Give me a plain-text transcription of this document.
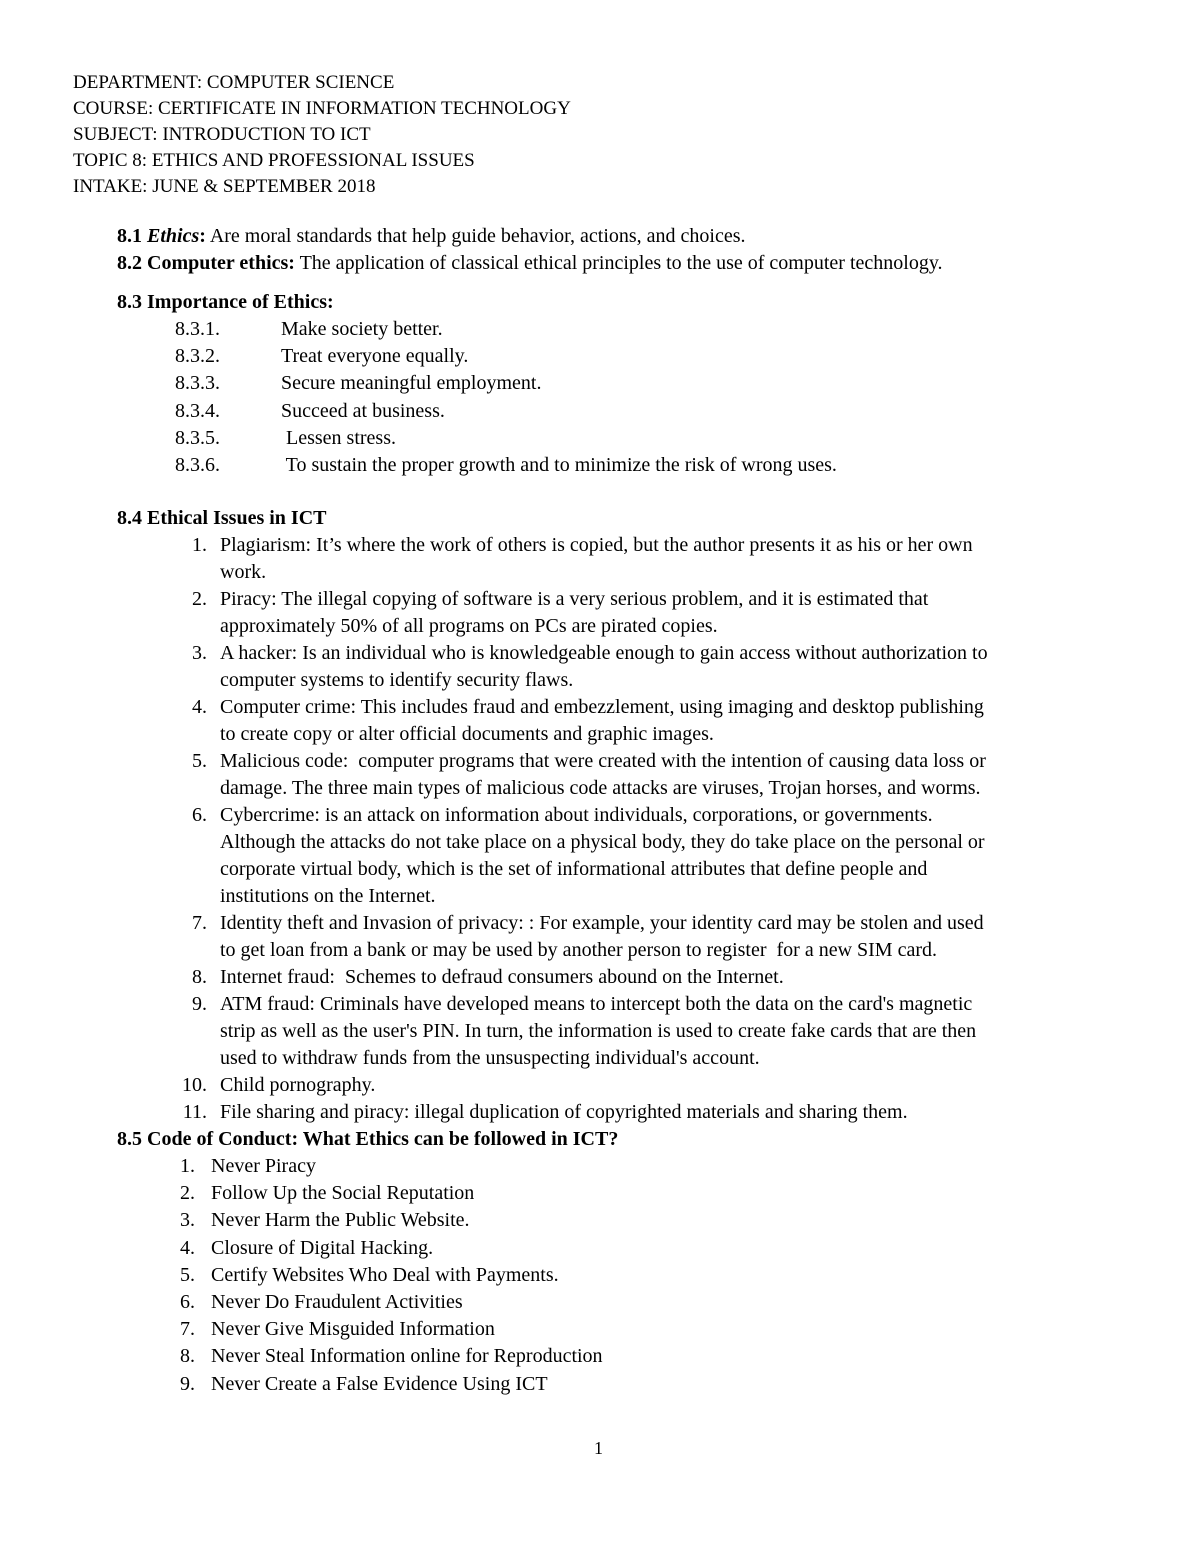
DEPARTMENT: COMPUTER SCIENCE
COURSE: CERTIFICATE IN INFORMATION TECHNOLOGY
SUBJECT: INTRODUCTION TO ICT
TOPIC 8: ETHICS AND PROFESSIONAL ISSUES
INTAKE: JUNE & SEPTEMBER 2018
8.1 Ethics: Are moral standards that help guide behavior, actions, and choices.
8.2 Computer ethics: The application of classical ethical principles to the use of computer technology.
8.3 Importance of Ethics:
8.3.1.	Make society better.
8.3.2.	Treat everyone equally.
8.3.3.	Secure meaningful employment.
8.3.4.	Succeed at business.
8.3.5.	Lessen stress.
8.3.6.	To sustain the proper growth and to minimize the risk of wrong uses.
8.4 Ethical Issues in ICT
1. Plagiarism: It’s where the work of others is copied, but the author presents it as his or her own
work.
2. Piracy: The illegal copying of software is a very serious problem, and it is estimated that
approximately 50% of all programs on PCs are pirated copies.
3. A hacker: Is an individual who is knowledgeable enough to gain access without authorization to
computer systems to identify security flaws.
4. Computer crime: This includes fraud and embezzlement, using imaging and desktop publishing
to create copy or alter official documents and graphic images.
5. Malicious code:  computer programs that were created with the intention of causing data loss or
damage. The three main types of malicious code attacks are viruses, Trojan horses, and worms.
6. Cybercrime: is an attack on information about individuals, corporations, or governments.
Although the attacks do not take place on a physical body, they do take place on the personal or
corporate virtual body, which is the set of informational attributes that define people and
institutions on the Internet.
7. Identity theft and Invasion of privacy: : For example, your identity card may be stolen and used
to get loan from a bank or may be used by another person to register  for a new SIM card.
8. Internet fraud:  Schemes to defraud consumers abound on the Internet.
9. ATM fraud: Criminals have developed means to intercept both the data on the card's magnetic
strip as well as the user's PIN. In turn, the information is used to create fake cards that are then
used to withdraw funds from the unsuspecting individual's account.
10. Child pornography.
11. File sharing and piracy: illegal duplication of copyrighted materials and sharing them.
8.5 Code of Conduct: What Ethics can be followed in ICT?
1. Never Piracy
2. Follow Up the Social Reputation
3. Never Harm the Public Website.
4. Closure of Digital Hacking.
5. Certify Websites Who Deal with Payments.
6. Never Do Fraudulent Activities
7. Never Give Misguided Information
8. Never Steal Information online for Reproduction
9. Never Create a False Evidence Using ICT
1
